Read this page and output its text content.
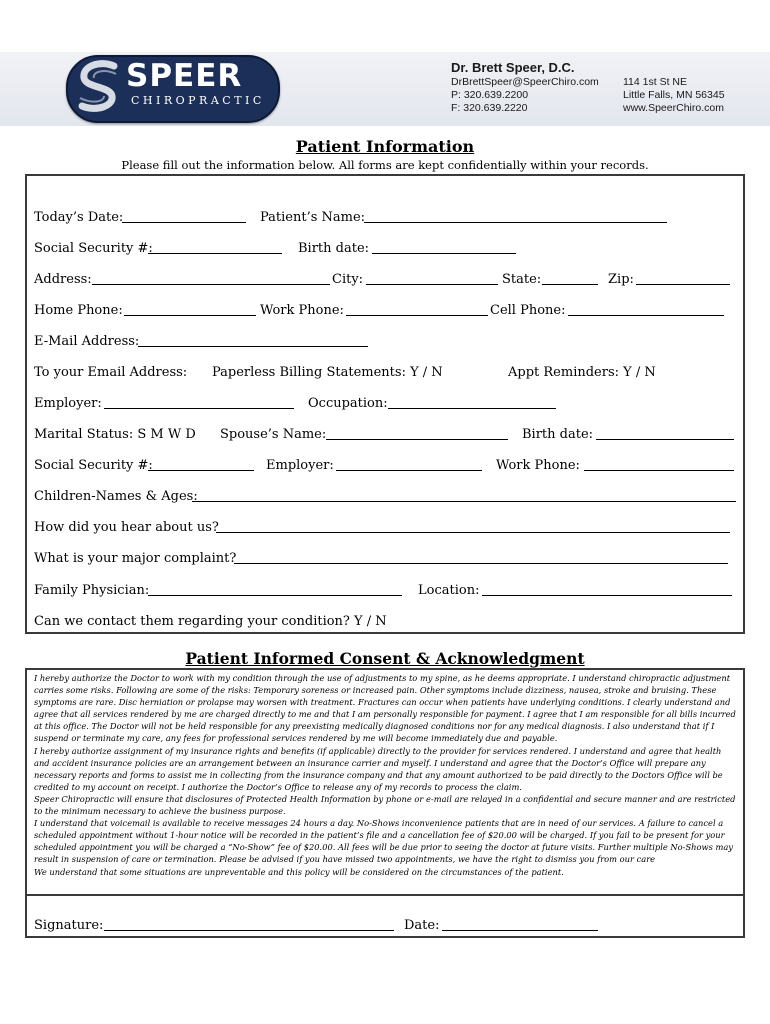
SPEER
CHIROPRACTIC
Dr. Brett Speer, D.C.
DrBrettSpeer@SpeerChiro.com
P: 320.639.2200
F: 320.639.2220
114 1st St NE
Little Falls, MN 56345
www.SpeerChiro.com
Patient Information
Please fill out the information below. All forms are kept confidentially within your records.
Today’s Date:	Patient’s Name:
Social Security #:	Birth date:
Address:	City:	State:	Zip:
Home Phone:	Work Phone:	Cell Phone:
E-Mail Address:
To your Email Address: Paperless Billing Statements: Y / N	Appt Reminders: Y / N
Employer:	Occupation:
Marital Status: S M W D Spouse’s Name:	Birth date:
Social Security #:	Employer:	Work Phone:
Children-Names & Ages:
How did you hear about us?
What is your major complaint?
Family Physician:	Location:
Can we contact them regarding your condition? Y / N
Patient Informed Consent & Acknowledgment

I hereby authorize the Doctor to work with my condition through the use of adjustments to my spine, as he deems appropriate. I understand chiropractic adjustment carries some risks. Following are some of the risks: Temporary soreness or increased pain. Other symptoms include dizziness, nausea, stroke and bruising. These symptoms are rare. Disc herniation or prolapse may worsen with treatment. Fractures can occur when patients have underlying conditions. I clearly understand and agree that all services rendered by me are charged directly to me and that I am personally responsible for payment. I agree that I am responsible for all bills incurred at this office. The Doctor will not be held responsible for any preexisting medically diagnosed conditions nor for any medical diagnosis. I also understand that if I suspend or terminate my care, any fees for professional services rendered by me will become immediately due and payable.

I hereby authorize assignment of my insurance rights and benefits (if applicable) directly to the provider for services rendered. I understand and agree that health and accident insurance policies are an arrangement between an insurance carrier and myself. I understand and agree that the Doctor’s Office will prepare any necessary reports and forms to assist me in collecting from the insurance company and that any amount authorized to be paid directly to the Doctors Office will be credited to my account on receipt. I authorize the Doctor’s Office to release any of my records to process the claim.

Speer Chiropractic will ensure that disclosures of Protected Health Information by phone or e-mail are relayed in a confidential and secure manner and are restricted to the minimum necessary to achieve the business purpose.

I understand that voicemail is available to receive messages 24 hours a day. No-Shows inconvenience patients that are in need of our services. A failure to cancel a scheduled appointment without 1-hour notice will be recorded in the patient’s file and a cancellation fee of $20.00 will be charged. If you fail to be present for your scheduled appointment you will be charged a “No-Show” fee of $20.00. All fees will be due prior to seeing the doctor at future visits. Further multiple No-Shows may result in suspension of care or termination. Please be advised if you have missed two appointments, we have the right to dismiss you from our care

We understand that some situations are unpreventable and this policy will be considered on the circumstances of the patient.

Signature:	Date:
